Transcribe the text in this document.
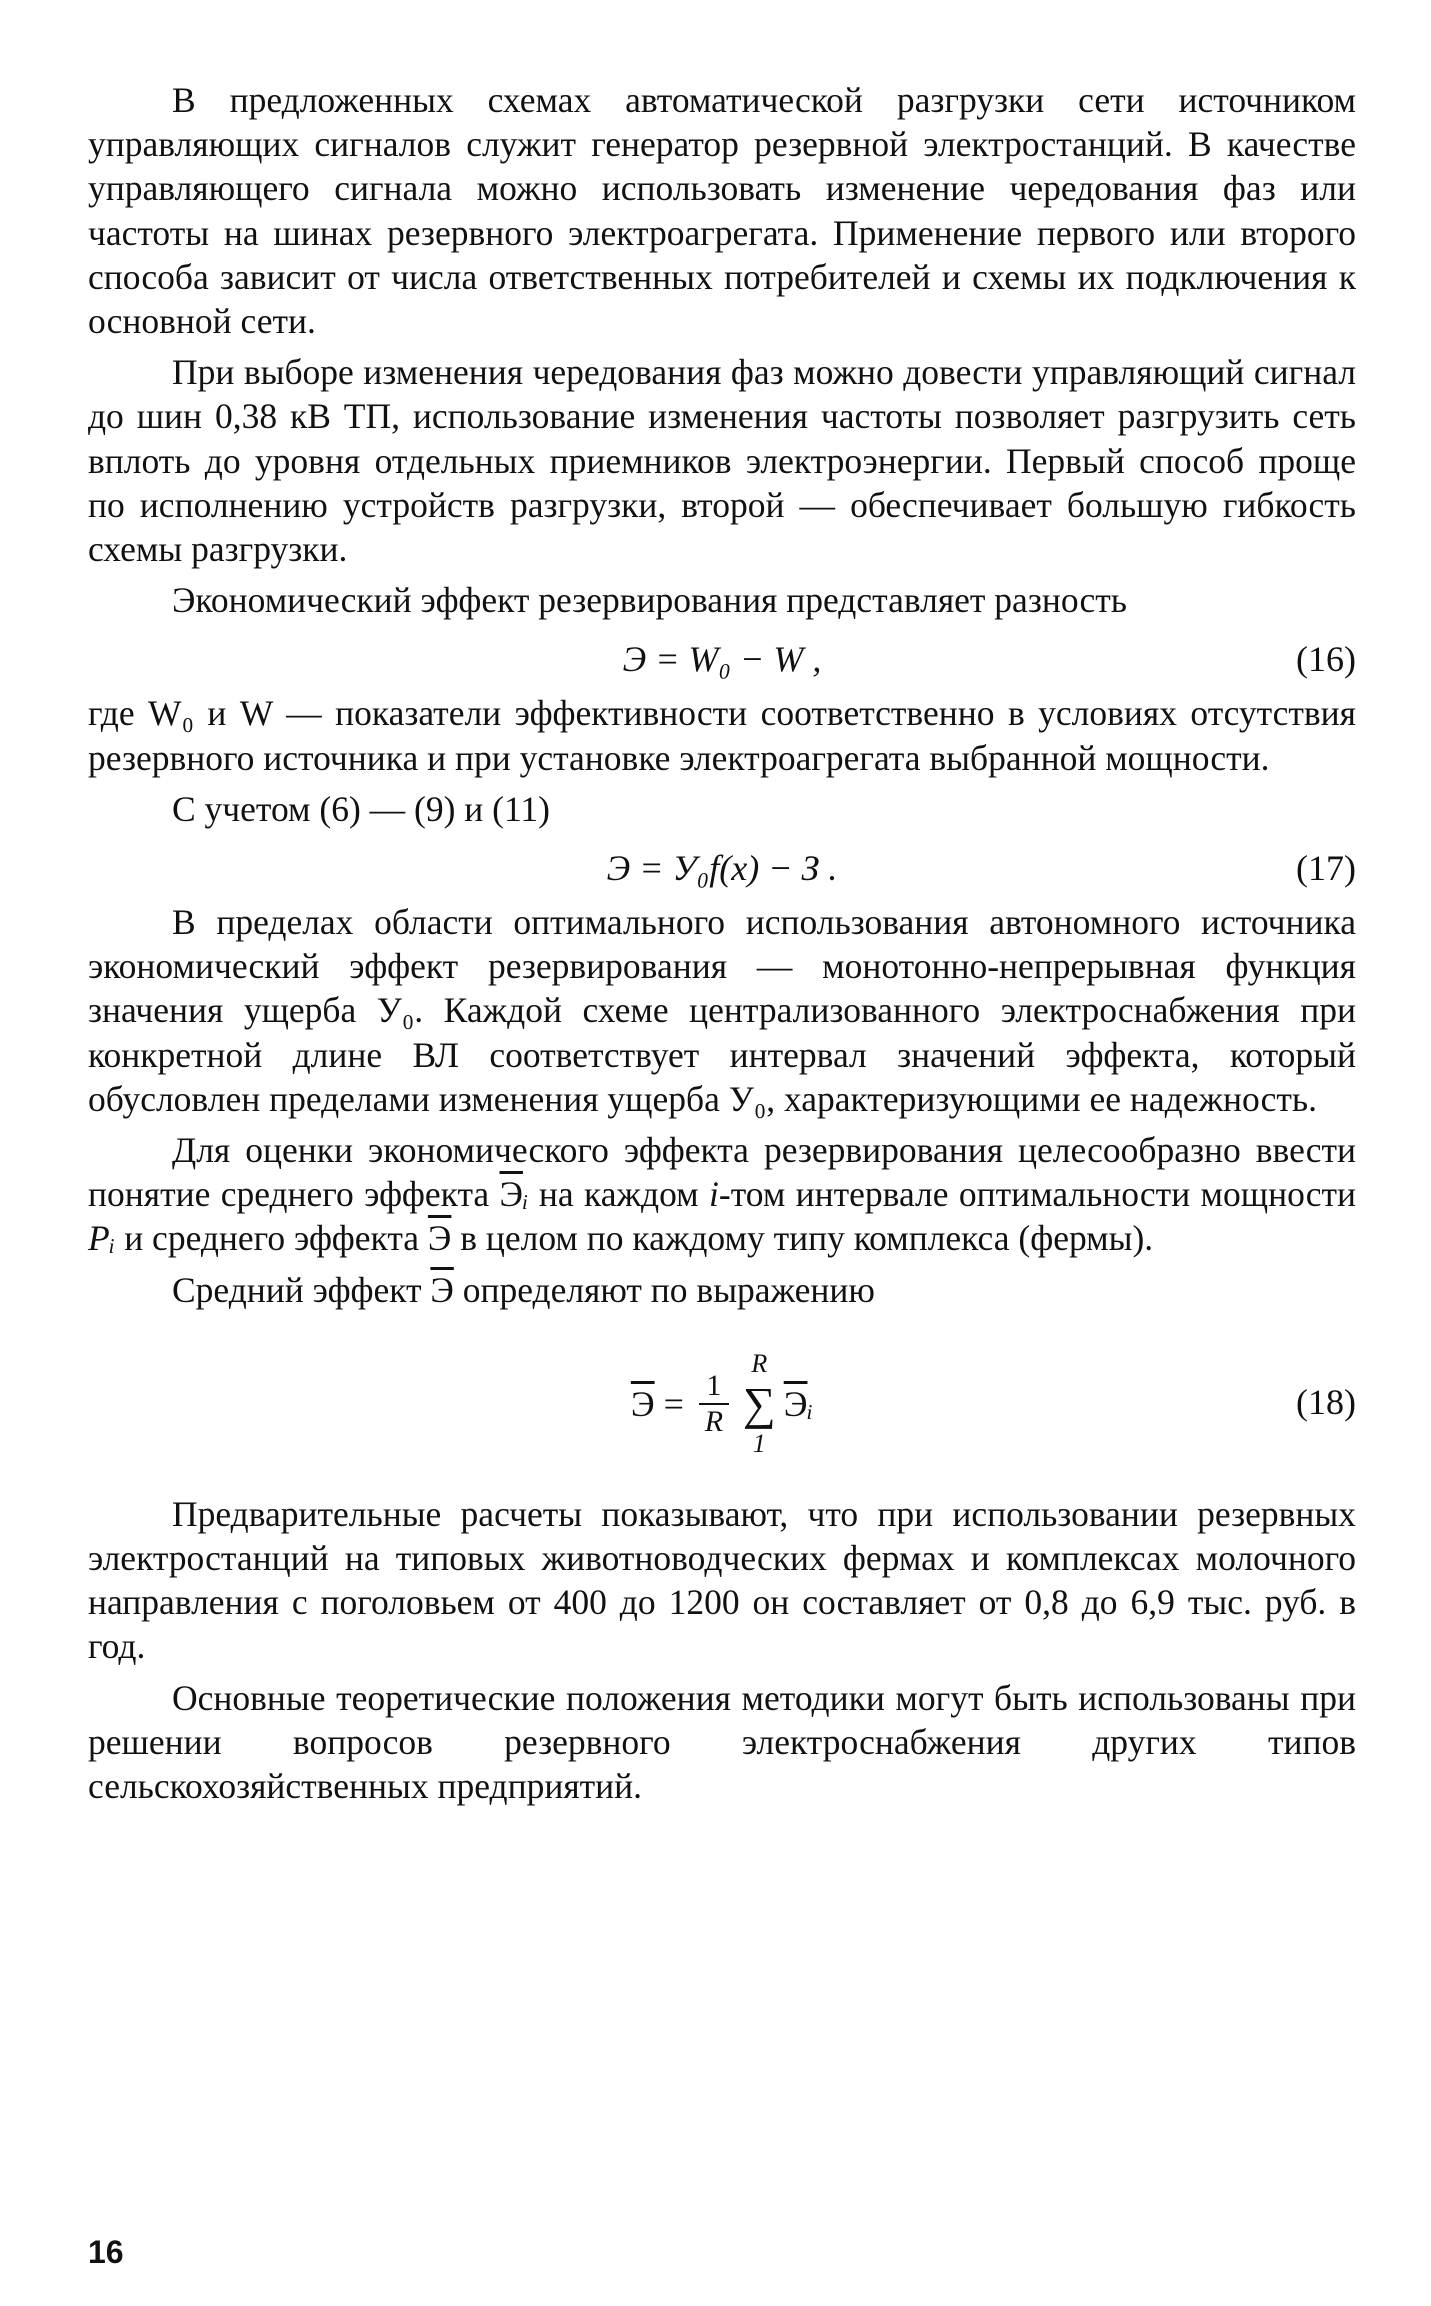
В предложенных схемах автоматической разгрузки сети источником управляющих сигналов служит генератор резервной электростанций. В качестве управляющего сигнала можно использовать изменение чередования фаз или частоты на шинах резервного электроагрегата. Применение первого или второго способа зависит от числа ответственных потребителей и схемы их подключения к основной сети.

При выборе изменения чередования фаз можно довести управляющий сигнал до шин 0,38 кВ ТП, использование изменения частоты позволяет разгрузить сеть вплоть до уровня отдельных приемников электроэнергии. Первый способ проще по исполнению устройств разгрузки, второй — обеспечивает большую гибкость схемы разгрузки.

Экономический эффект резервирования представляет разность

Э = W₀ − W ,	(16)

где W₀ и W — показатели эффективности соответственно в условиях отсутствия резервного источника и при установке электроагрегата выбранной мощности.

С учетом (6) — (9) и (11)

Э = У₀f(x) − З .	(17)

В пределах области оптимального использования автономного источника экономический эффект резервирования — монотонно-непрерывная функция значения ущерба У₀. Каждой схеме централизованного электроснабжения при конкретной длине ВЛ соответствует интервал значений эффекта, который обусловлен пределами изменения ущерба У₀, характеризующими ее надежность.

Для оценки экономического эффекта резервирования целесообразно ввести понятие среднего эффекта Эᵢ на каждом i-том интервале оптимальности мощности Pᵢ и среднего эффекта Э в целом по каждому типу комплекса (фермы).

Средний эффект Э определяют по выражению

$Э = \frac{1}{R}$
R
∑
1
Э ᵢ	(18)

Предварительные расчеты показывают, что при использовании резервных электростанций на типовых животноводческих фермах и комплексах молочного направления с поголовьем от 400 до 1200 он составляет от 0,8 до 6,9 тыс. руб. в год.

Основные теоретические положения методики могут быть использованы при решении вопросов резервного электроснабжения других типов сельскохозяйственных предприятий.

16
